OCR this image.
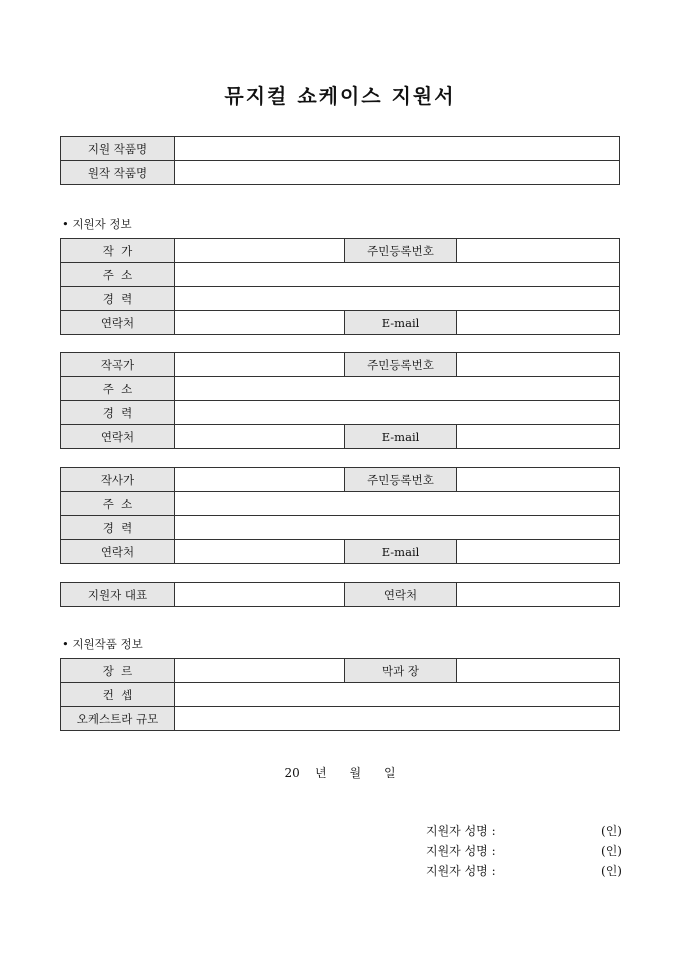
뮤지컬 쇼케이스 지원서
지원 작품명	
원작 작품명	
• 지원자 정보
작  가		주민등록번호	
주  소			
경  력			
연락처		E-mail	
작곡가		주민등록번호	
주  소			
경  력			
연락처		E-mail	
작사가		주민등록번호	
주  소			
경  력			
연락처		E-mail	
지원자 대표		연락처	
• 지원작품 정보
장  르		막과 장	
컨  셉			
오케스트라 규모			
20    년      월      일
지원자 성명 :	(인)
지원자 성명 :	(인)
지원자 성명 :	(인)
